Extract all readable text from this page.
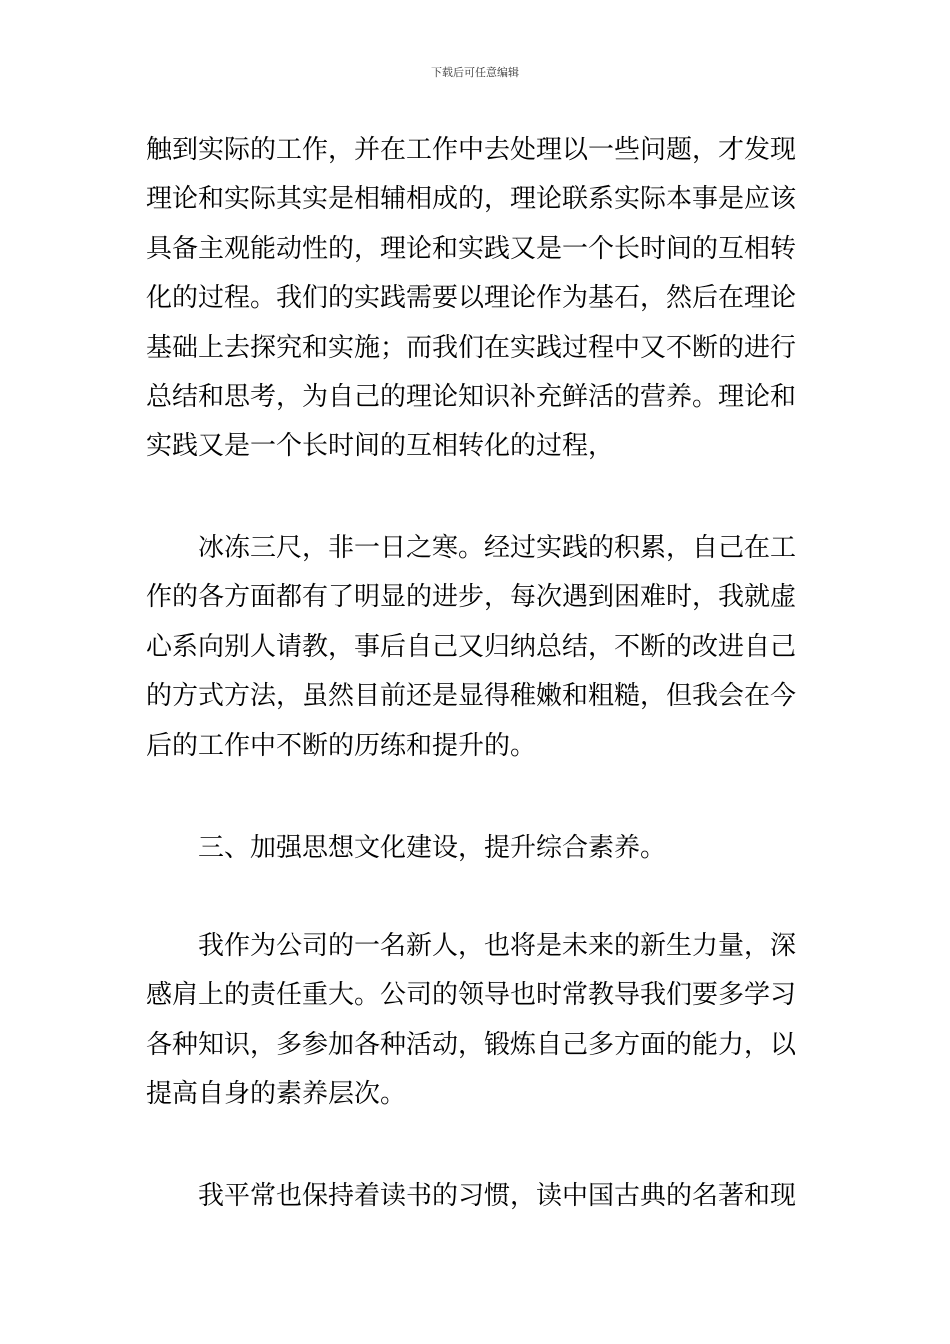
下载后可任意编辑

触到实际的工作，并在工作中去处理以一些问题，才发现理论和实际其实是相辅相成的，理论联系实际本事是应该具备主观能动性的，理论和实践又是一个长时间的互相转化的过程。我们的实践需要以理论作为基石，然后在理论基础上去探究和实施；而我们在实践过程中又不断的进行总结和思考，为自己的理论知识补充鲜活的营养。理论和实践又是一个长时间的互相转化的过程，

冰冻三尺，非一日之寒。经过实践的积累，自己在工作的各方面都有了明显的进步，每次遇到困难时，我就虚心系向别人请教，事后自己又归纳总结，不断的改进自己的方式方法，虽然目前还是显得稚嫩和粗糙，但我会在今后的工作中不断的历练和提升的。

三、加强思想文化建设，提升综合素养。

我作为公司的一名新人，也将是未来的新生力量，深感肩上的责任重大。公司的领导也时常教导我们要多学习各种知识，多参加各种活动，锻炼自己多方面的能力，以提高自身的素养层次。

我平常也保持着读书的习惯，读中国古典的名著和现
